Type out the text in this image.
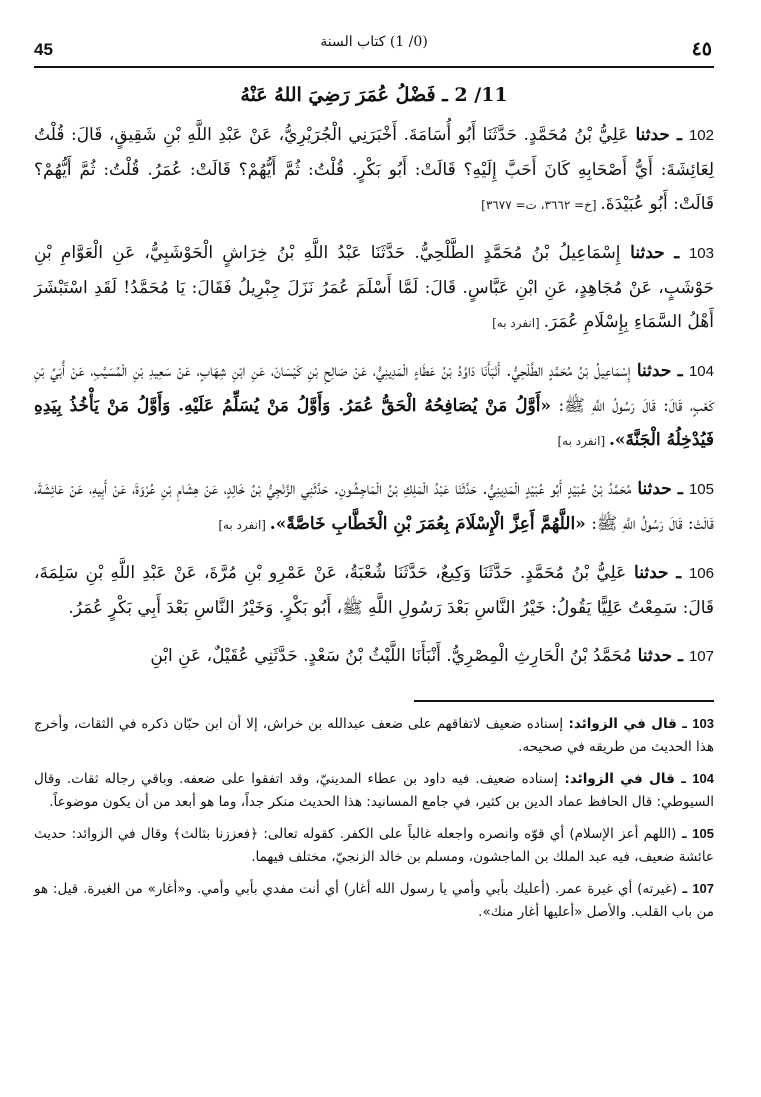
45	(0/ 1) كتاب السنة	٤٥
11/ 2 ـ فَضْلُ عُمَرَ رَضِيَ اللهُ عَنْهُ

102 ـ حدثنا عَلِيُّ بْنُ مُحَمَّدٍ. حَدَّثَنَا أَبُو أُسَامَةَ. أَخْبَرَنِي الْجُرَيْرِيُّ، عَنْ عَبْدِ اللَّهِ بْنِ شَقِيقٍ، قَالَ: قُلْتُ لِعَائِشَةَ: أَيُّ أَصْحَابِهِ كَانَ أَحَبَّ إِلَيْهِ؟ قَالَتْ: أَبُو بَكْرٍ. قُلْتُ: ثُمَّ أَيُّهُمْ؟ قَالَتْ: عُمَرُ. قُلْتُ: ثُمَّ أَيُّهُمْ؟ قَالَتْ: أَبُو عُبَيْدَةَ. [خ= ٣٦٦٢، ت= ٣٦٧٧]

103 ـ حدثنا إِسْمَاعِيلُ بْنُ مُحَمَّدٍ الطَّلْحِيُّ. حَدَّثَنَا عَبْدُ اللَّهِ بْنُ خِرَاشٍ الْحَوْشَبِيُّ، عَنِ الْعَوَّامِ بْنِ حَوْشَبٍ، عَنْ مُجَاهِدٍ، عَنِ ابْنِ عَبَّاسٍ. قَالَ: لَمَّا أَسْلَمَ عُمَرُ نَزَلَ جِبْرِيلُ فَقَالَ: يَا مُحَمَّدُ! لَقَدِ اسْتَبْشَرَ أَهْلُ السَّمَاءِ بِإِسْلَامِ عُمَرَ. [انفرد به]

104 ـ حدثنا إِسْمَاعِيلُ بْنُ مُحَمَّدٍ الطَّلْحِيُّ. أَنْبَأَنَا دَاوُدُ بْنُ عَطَاءٍ الْمَدِينِيُّ، عَنْ صَالِحِ بْنِ كَيْسَانَ، عَنِ ابْنِ شِهَابٍ، عَنْ سَعِيدِ بْنِ الْمُسَيَّبِ، عَنْ أُبَيِّ بْنِ كَعْبٍ، قَالَ: قَالَ رَسُولُ اللَّهِ ﷺ: «أَوَّلُ مَنْ يُصَافِحُهُ الْحَقُّ عُمَرُ. وَأَوَّلُ مَنْ يُسَلِّمُ عَلَيْهِ. وَأَوَّلُ مَنْ يَأْخُذُ بِيَدِهِ فَيُدْخِلُهُ الْجَنَّةَ». [انفرد به]

105 ـ حدثنا مُحَمَّدُ بْنُ عُبَيْدٍ أَبُو عُبَيْدٍ الْمَدِينِيُّ. حَدَّثَنَا عَبْدُ الْمَلِكِ بْنُ الْمَاجِشُونِ. حَدَّثَنِي الزَّنْجِيُّ بْنُ خَالِدٍ، عَنْ هِشَامِ بْنِ عُرْوَةَ، عَنْ أَبِيهِ، عَنْ عَائِشَةَ، قَالَتْ: قَالَ رَسُولُ اللَّهِ ﷺ: «اللَّهُمَّ أَعِزَّ الْإِسْلَامَ بِعُمَرَ بْنِ الْخَطَّابِ خَاصَّةً». [انفرد به]

106 ـ حدثنا عَلِيُّ بْنُ مُحَمَّدٍ. حَدَّثَنَا وَكِيعٌ، حَدَّثَنَا شُعْبَةُ، عَنْ عَمْرِو بْنِ مُرَّةَ، عَنْ عَبْدِ اللَّهِ بْنِ سَلِمَةَ، قَالَ: سَمِعْتُ عَلِيًّا يَقُولُ: خَيْرُ النَّاسِ بَعْدَ رَسُولِ اللَّهِ ﷺ، أَبُو بَكْرٍ. وَخَيْرُ النَّاسِ بَعْدَ أَبِي بَكْرٍ عُمَرُ.

107 ـ حدثنا مُحَمَّدُ بْنُ الْحَارِثِ الْمِصْرِيُّ. أَنْبَأَنَا اللَّيْثُ بْنُ سَعْدٍ. حَدَّثَنِي عُقَيْلٌ، عَنِ ابْنِ

103 ـ قال في الزوائد: إسناده ضعيف لاتفاقهم على ضعف عبدالله بن خراش، إلا أن ابن حبّان ذكره في الثقات، وأخرج هذا الحديث من طريقه في صحيحه.

104 ـ قال في الزوائد: إسناده ضعيف. فيه داود بن عطاء المدينيّ، وقد اتفقوا على ضعفه. وباقي رجاله ثقات. وقال السيوطي: قال الحافظ عماد الدين بن كثير، في جامع المسانيد: هذا الحديث منكر جداً، وما هو أبعد من أن يكون موضوعاً.

105 ـ (اللهم أعز الإسلام) أي قوّه وانصره واجعله غالباً على الكفر. كقوله تعالى: ﴿فعززنا بثالث﴾ وقال في الزوائد: حديث عائشة ضعيف، فيه عبد الملك بن الماجشون، ومسلم بن خالد الزنجيّ، مختلف فيهما.

107 ـ (غيرته) أي غيرة عمر. (أعليك بأبي وأمي يا رسول الله أغار) أي أنت مفدي بأبي وأمي. و«أغار» من الغيرة. قيل: هو من باب القلب. والأصل «أعليها أغار منك».
